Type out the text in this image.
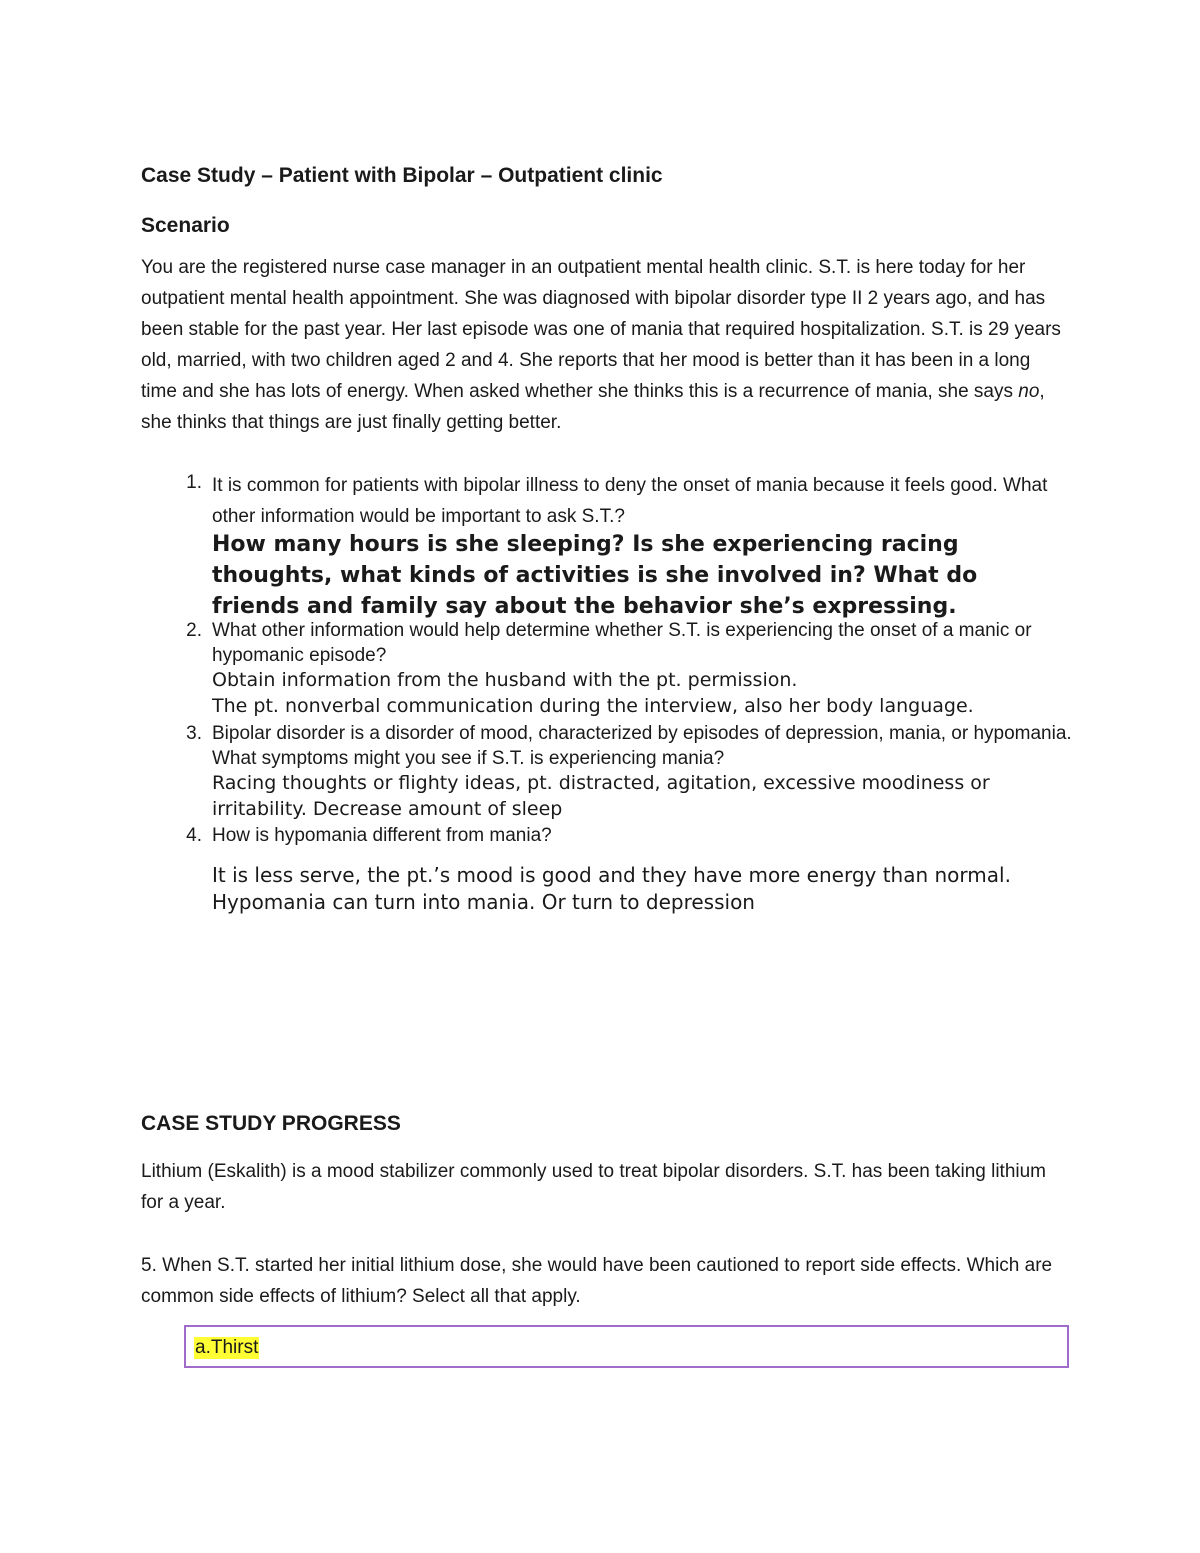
Case Study – Patient with Bipolar – Outpatient clinic
Scenario

You are the registered nurse case manager in an outpatient mental health clinic. S.T. is here today for her outpatient mental health appointment. She was diagnosed with bipolar disorder type II 2 years ago, and has been stable for the past year. Her last episode was one of mania that required hospitalization. S.T. is 29 years old, married, with two children aged 2 and 4. She reports that her mood is better than it has been in a long time and she has lots of energy. When asked whether she thinks this is a recurrence of mania, she says no, she thinks that things are just finally getting better.

1. It is common for patients with bipolar illness to deny the onset of mania because it feels good. What other information would be important to ask S.T.?
How many hours is she sleeping? Is she experiencing racing thoughts, what kinds of activities is she involved in? What do friends and family say about the behavior she’s expressing.
2. What other information would help determine whether S.T. is experiencing the onset of a manic or hypomanic episode?
Obtain information from the husband with the pt. permission.
The pt. nonverbal communication during the interview, also her body language.
3. Bipolar disorder is a disorder of mood, characterized by episodes of depression, mania, or hypomania. What symptoms might you see if S.T. is experiencing mania?
Racing thoughts or flighty ideas, pt. distracted, agitation, excessive moodiness or irritability. Decrease amount of sleep
4. How is hypomania different from mania?
It is less serve, the pt.’s mood is good and they have more energy than normal. Hypomania can turn into mania. Or turn to depression
CASE STUDY PROGRESS

Lithium (Eskalith) is a mood stabilizer commonly used to treat bipolar disorders. S.T. has been taking lithium for a year.

5. When S.T. started her initial lithium dose, she would have been cautioned to report side effects. Which are common side effects of lithium? Select all that apply.

a.Thirst
